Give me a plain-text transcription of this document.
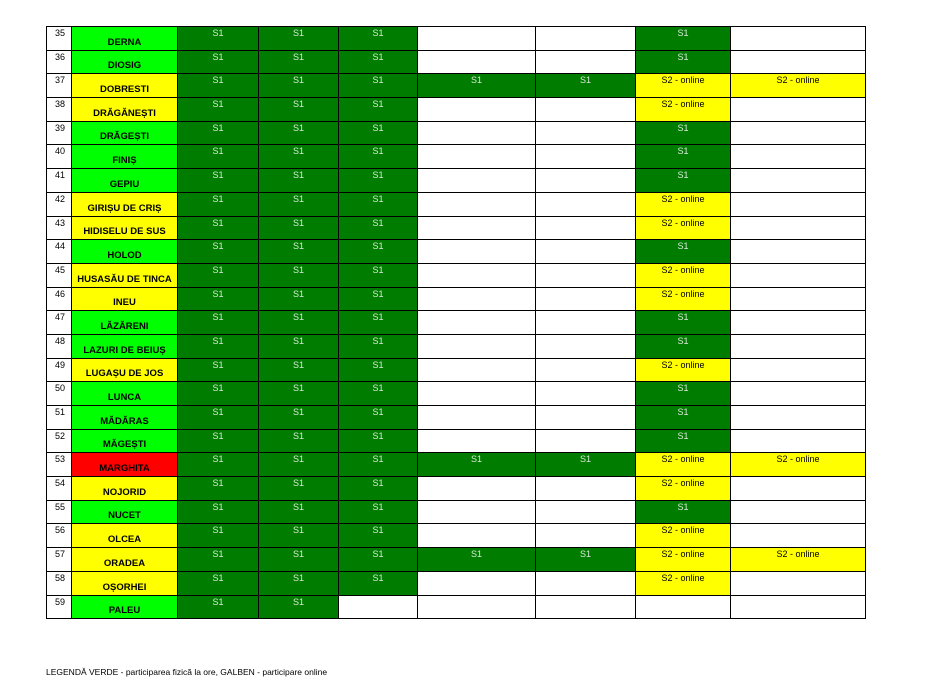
35	DERNA	S1	S1	S1			S1	
36	DIOSIG	S1	S1	S1			S1	
37	DOBRESTI	S1	S1	S1	S1	S1	S2 - online	S2 - online
38	DRĂGĂNEȘTI	S1	S1	S1			S2 - online	
39	DRĂGEȘTI	S1	S1	S1			S1	
40	FINIȘ	S1	S1	S1			S1	
41	GEPIU	S1	S1	S1			S1	
42	GIRIȘU DE CRIȘ	S1	S1	S1			S2 - online	
43	HIDISELU DE SUS	S1	S1	S1			S2 - online	
44	HOLOD	S1	S1	S1			S1	
45	HUSASĂU DE TINCA	S1	S1	S1			S2 - online	
46	INEU	S1	S1	S1			S2 - online	
47	LĂZĂRENI	S1	S1	S1			S1	
48	LAZURI DE BEIUȘ	S1	S1	S1			S1	
49	LUGAȘU DE JOS	S1	S1	S1			S2 - online	
50	LUNCA	S1	S1	S1			S1	
51	MĂDĂRAS	S1	S1	S1			S1	
52	MĂGEȘTI	S1	S1	S1			S1	
53	MARGHITA	S1	S1	S1	S1	S1	S2 - online	S2 - online
54	NOJORID	S1	S1	S1			S2 - online	
55	NUCET	S1	S1	S1			S1	
56	OLCEA	S1	S1	S1			S2 - online	
57	ORADEA	S1	S1	S1	S1	S1	S2 - online	S2 - online
58	OȘORHEI	S1	S1	S1			S2 - online	
59	PALEU	S1	S1					
LEGENDĂ VERDE - participarea fizică la ore, GALBEN - participare online
